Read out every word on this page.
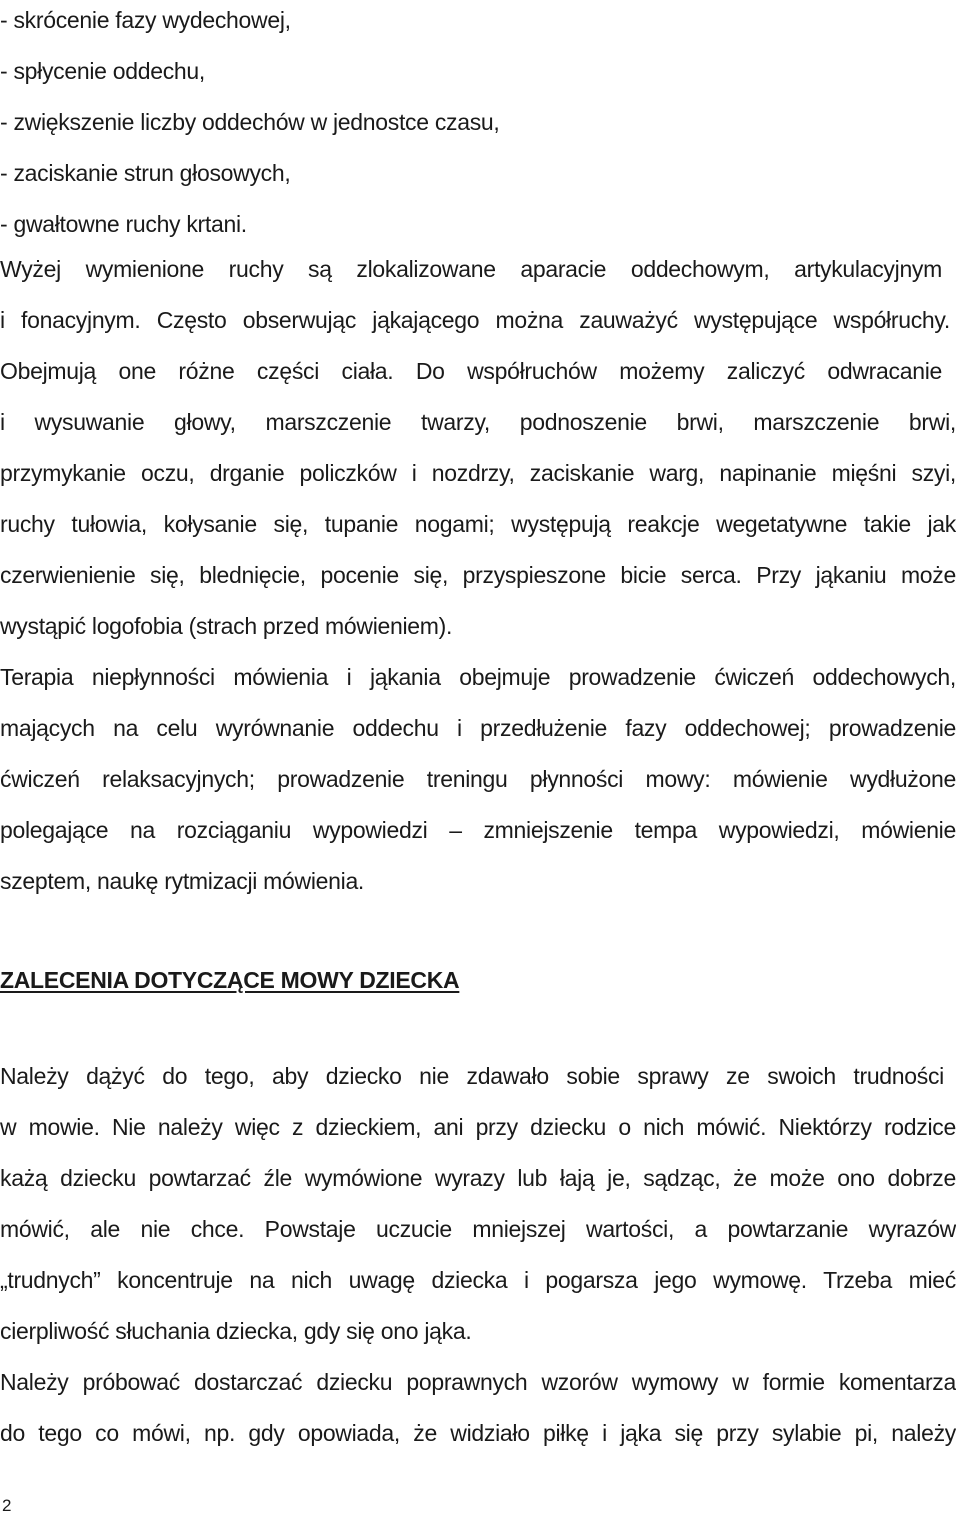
- skrócenie fazy wydechowej,
- spłycenie oddechu,
- zwiększenie liczby oddechów w jednostce czasu,
- zaciskanie strun głosowych,
- gwałtowne ruchy krtani.
Wyżej wymienione ruchy są zlokalizowane aparacie oddechowym, artykulacyjnym
i fonacyjnym. Często obserwując jąkającego można zauważyć występujące współruchy.
Obejmują one różne części ciała. Do współruchów możemy zaliczyć odwracanie
i wysuwanie głowy, marszczenie twarzy, podnoszenie brwi, marszczenie brwi,
przymykanie oczu, drganie policzków i nozdrzy, zaciskanie warg, napinanie mięśni szyi,
ruchy tułowia, kołysanie się, tupanie nogami; występują reakcje wegetatywne takie jak
czerwienienie się, blednięcie, pocenie się, przyspieszone bicie serca. Przy jąkaniu może
wystąpić logofobia (strach przed mówieniem).
Terapia niepłynności mówienia i jąkania obejmuje prowadzenie ćwiczeń oddechowych,
mających na celu wyrównanie oddechu i przedłużenie fazy oddechowej; prowadzenie
ćwiczeń relaksacyjnych; prowadzenie treningu płynności mowy: mówienie wydłużone
polegające na rozciąganiu wypowiedzi – zmniejszenie tempa wypowiedzi, mówienie
szeptem, naukę rytmizacji mówienia.
ZALECENIA DOTYCZĄCE MOWY DZIECKA
Należy dążyć do tego, aby dziecko nie zdawało sobie sprawy ze swoich trudności
w mowie. Nie należy więc z dzieckiem, ani przy dziecku o nich mówić. Niektórzy rodzice
każą dziecku powtarzać źle wymówione wyrazy lub łają je, sądząc, że może ono dobrze
mówić, ale nie chce. Powstaje uczucie mniejszej wartości, a powtarzanie wyrazów
„trudnych” koncentruje na nich uwagę dziecka i pogarsza jego wymowę. Trzeba mieć
cierpliwość słuchania dziecka, gdy się ono jąka.
Należy próbować dostarczać dziecku poprawnych wzorów wymowy w formie komentarza
do tego co mówi, np. gdy opowiada, że widziało piłkę i jąka się przy sylabie pi, należy
2
